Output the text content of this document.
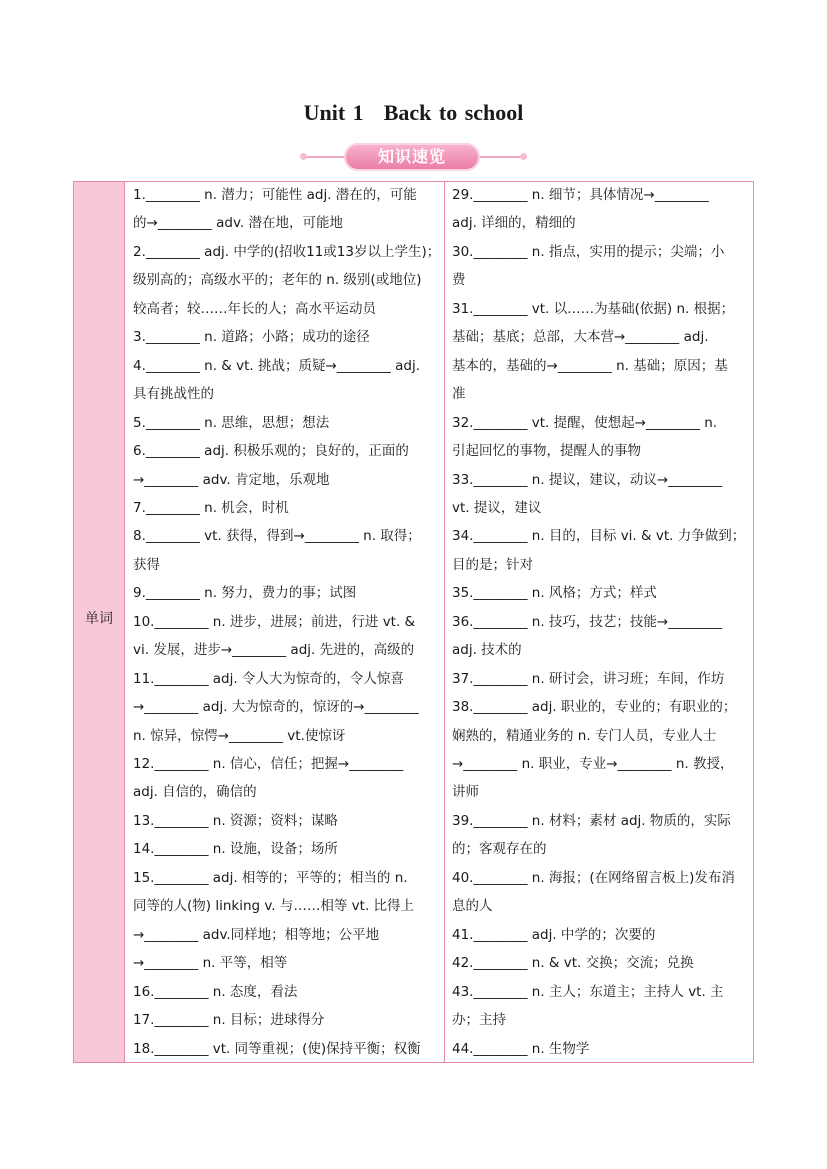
Unit 1 Back to school
知识速览
单词
1.________ n. 潜力；可能性 adj. 潜在的，可能
的→________ adv. 潜在地，可能地
2.________ adj. 中学的(招收11或13岁以上学生)；
级别高的；高级水平的；老年的 n. 级别(或地位)
较高者；较……年长的人；高水平运动员
3.________ n. 道路；小路；成功的途径
4.________ n. & vt. 挑战；质疑→________ adj.
具有挑战性的
5.________ n. 思维，思想；想法
6.________ adj. 积极乐观的；良好的，正面的
→________ adv. 肯定地，乐观地
7.________ n. 机会，时机
8.________ vt. 获得，得到→________ n. 取得；
获得
9.________ n. 努力，费力的事；试图
10.________ n. 进步，进展；前进，行进 vt. &
vi. 发展，进步→________ adj. 先进的，高级的
11.________ adj. 令人大为惊奇的，令人惊喜
→________ adj. 大为惊奇的，惊讶的→________
n. 惊异，惊愕→________ vt.使惊讶
12.________ n. 信心，信任；把握→________
adj. 自信的，确信的
13.________ n. 资源；资料；谋略
14.________ n. 设施，设备；场所
15.________ adj. 相等的；平等的；相当的 n.
同等的人(物) linking v. 与……相等 vt. 比得上
→________ adv.同样地；相等地；公平地
→________ n. 平等，相等
16.________ n. 态度，看法
17.________ n. 目标；进球得分
18.________ vt. 同等重视；(使)保持平衡；权衡
29.________ n. 细节；具体情况→________
adj. 详细的，精细的
30.________ n. 指点，实用的提示；尖端；小
费
31.________ vt. 以……为基础(依据) n. 根据；
基础；基底；总部，大本营→________ adj.
基本的，基础的→________ n. 基础；原因；基
准
32.________ vt. 提醒，使想起→________ n.
引起回忆的事物，提醒人的事物
33.________ n. 提议，建议，动议→________
vt. 提议，建议
34.________ n. 目的，目标 vi. & vt. 力争做到；
目的是；针对
35.________ n. 风格；方式；样式
36.________ n. 技巧，技艺；技能→________
adj. 技术的
37.________ n. 研讨会，讲习班；车间，作坊
38.________ adj. 职业的，专业的；有职业的；
娴熟的，精通业务的 n. 专门人员，专业人士
→________ n. 职业，专业→________ n. 教授，
讲师
39.________ n. 材料；素材 adj. 物质的，实际
的；客观存在的
40.________ n. 海报；(在网络留言板上)发布消
息的人
41.________ adj. 中学的；次要的
42.________ n. & vt. 交换；交流；兑换
43.________ n. 主人；东道主；主持人 vt. 主
办；主持
44.________ n. 生物学
